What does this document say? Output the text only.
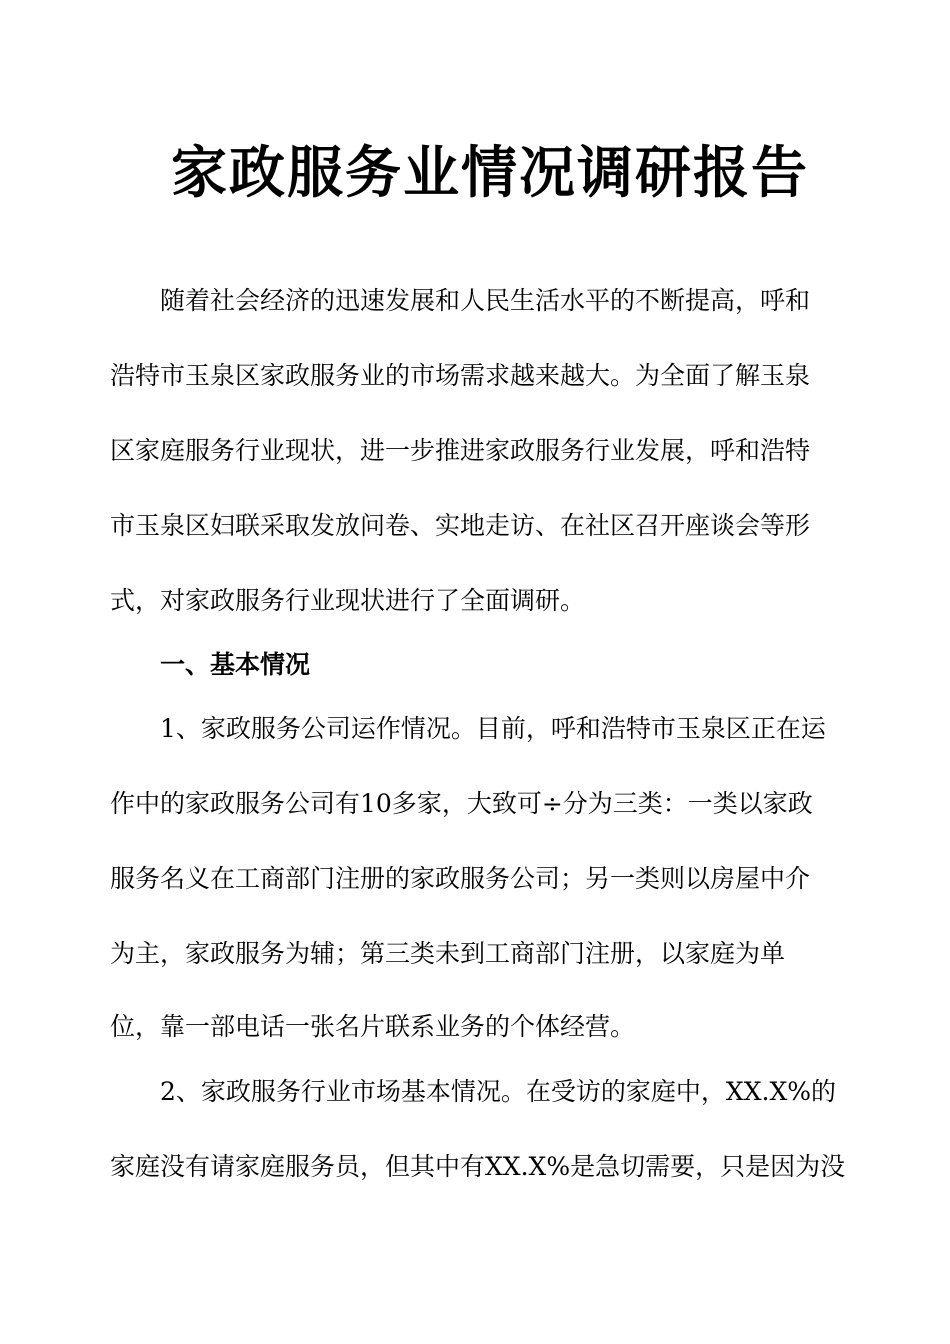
家政服务业情况调研报告

随着社会经济的迅速发展和人民生活水平的不断提高，呼和

浩特市玉泉区家政服务业的市场需求越来越大。为全面了解玉泉

区家庭服务行业现状，进一步推进家政服务行业发展，呼和浩特

市玉泉区妇联采取发放问卷、实地走访、在社区召开座谈会等形

式，对家政服务行业现状进行了全面调研。

一、基本情况

1、家政服务公司运作情况。目前，呼和浩特市玉泉区正在运

作中的家政服务公司有10多家，大致可÷分为三类：一类以家政

服务名义在工商部门注册的家政服务公司；另一类则以房屋中介

为主，家政服务为辅；第三类未到工商部门注册，以家庭为单

位，靠一部电话一张名片联系业务的个体经营。

2、家政服务行业市场基本情况。在受访的家庭中，XX.X%的

家庭没有请家庭服务员，但其中有XX.X%是急切需要，只是因为没
